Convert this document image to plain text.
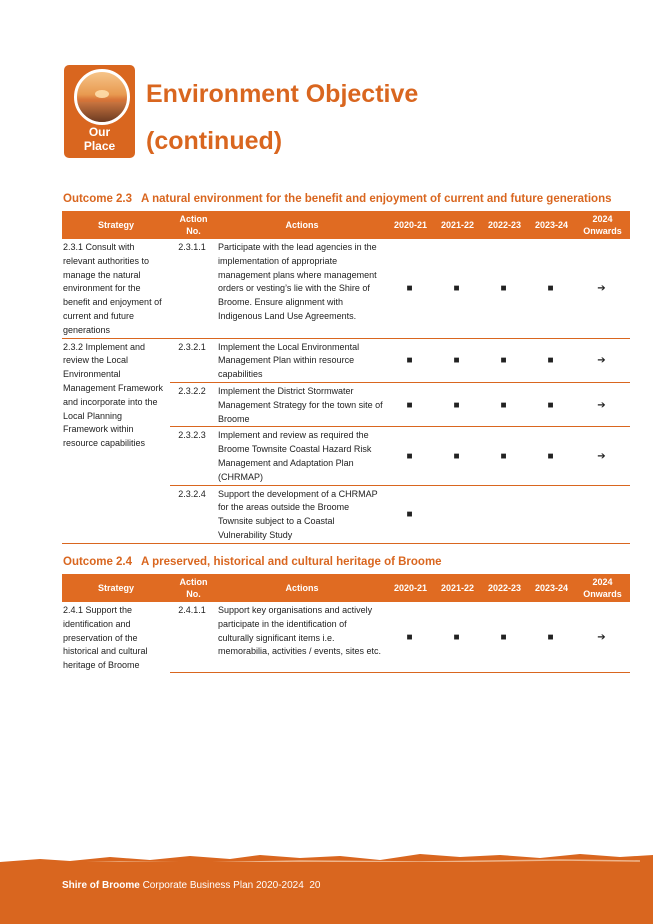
Our
Place
Environment Objective
(continued)
Outcome 2.3 A natural environment for the benefit and enjoyment of current and future generations
Strategy	Action No.	Actions	2020-21	2021-22	2022-23	2023-24	2024 Onwards
2.3.1 Consult with relevant authorities to manage the natural environment for the benefit and enjoyment of current and future generations	2.3.1.1	Participate with the lead agencies in the implementation of appropriate management plans where management orders or vesting’s lie with the Shire of Broome. Ensure alignment with Indigenous Land Use Agreements.	■	■	■	■	➔
2.3.2 Implement and review the Local Environmental Management Framework and incorporate into the Local Planning Framework within resource capabilities	2.3.2.1	Implement the Local Environmental Management Plan within resource capabilities	■	■	■	■	➔
	2.3.2.2	Implement the District Stormwater Management Strategy for the town site of Broome	■	■	■	■	➔
	2.3.2.3	Implement and review as required the Broome Townsite Coastal Hazard Risk Management and Adaptation Plan (CHRMAP)	■	■	■	■	➔
	2.3.2.4	Support the development of a CHRMAP for the areas outside the Broome Townsite subject to a Coastal Vulnerability Study	■				
Outcome 2.4 A preserved, historical and cultural heritage of Broome
Strategy	Action No.	Actions	2020-21	2021-22	2022-23	2023-24	2024 Onwards
2.4.1 Support the identification and preservation of the historical and cultural heritage of Broome	2.4.1.1	Support key organisations and actively participate in the identification of culturally significant items i.e. memorabilia, activities / events, sites etc.	■	■	■	■	➔
Shire of Broome Corporate Business Plan 2020-2024 20
